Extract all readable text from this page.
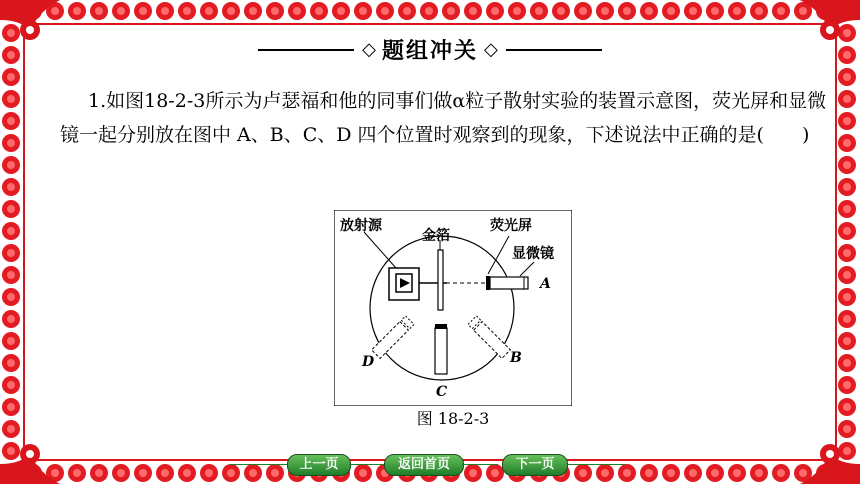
◇ 题组冲关 ◇
1.如图18-2-3所示为卢瑟福和他的同事们做α粒子散射实验的装置示意图，荧光屏和显微镜一起分别放在图中 A、B、C、D 四个位置时观察到的现象，下述说法中正确的是(　　)
放射源
金箔
荧光屏
显微镜
A
B
C
D
图 18-2-3
上一页	返回首页	下一页
